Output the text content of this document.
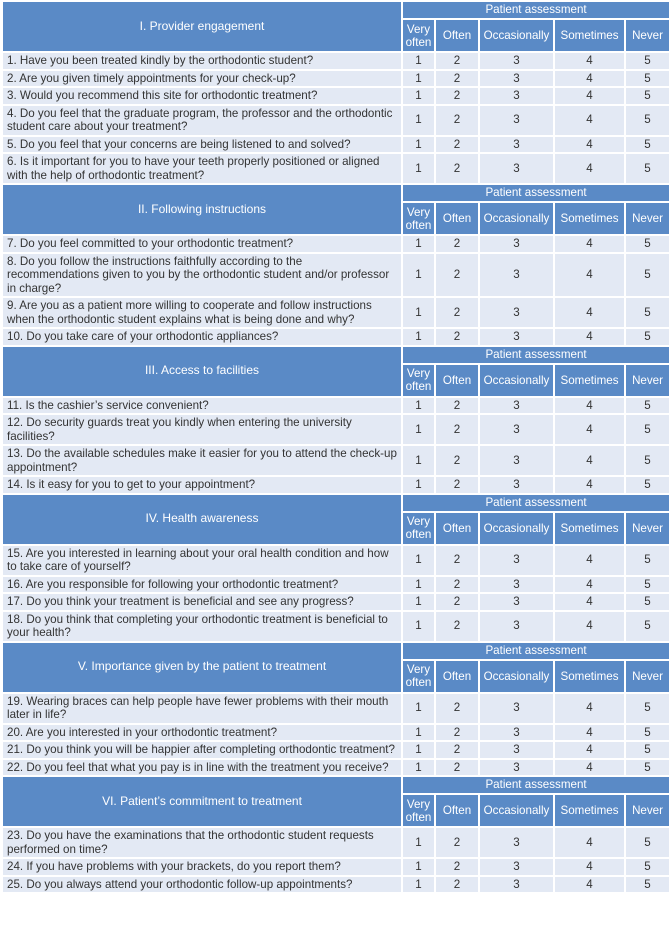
I. Provider engagement	Patient assessment				
	Very often	Often	Occasionally	Sometimes	Never
1. Have you been treated kindly by the orthodontic student?	1	2	3	4	5
2. Are you given timely appointments for your check-up?	1	2	3	4	5
3. Would you recommend this site for orthodontic treatment?	1	2	3	4	5
4. Do you feel that the graduate program, the professor and the orthodontic student care about your treatment?	1	2	3	4	5
5. Do you feel that your concerns are being listened to and solved?	1	2	3	4	5
6. Is it important for you to have your teeth properly positioned or aligned with the help of orthodontic treatment?	1	2	3	4	5
II. Following instructions	Patient assessment				
	Very often	Often	Occasionally	Sometimes	Never
7. Do you feel committed to your orthodontic treatment?	1	2	3	4	5
8. Do you follow the instructions faithfully according to the recommendations given to you by the orthodontic student and/or professor in charge?	1	2	3	4	5
9. Are you as a patient more willing to cooperate and follow instructions when the orthodontic student explains what is being done and why?	1	2	3	4	5
10. Do you take care of your orthodontic appliances?	1	2	3	4	5
III. Access to facilities	Patient assessment				
	Very often	Often	Occasionally	Sometimes	Never
11. Is the cashier’s service convenient?	1	2	3	4	5
12. Do security guards treat you kindly when entering the university facilities?	1	2	3	4	5
13. Do the available schedules make it easier for you to attend the check-up appointment?	1	2	3	4	5
14. Is it easy for you to get to your appointment?	1	2	3	4	5
IV. Health awareness	Patient assessment				
	Very often	Often	Occasionally	Sometimes	Never
15. Are you interested in learning about your oral health condition and how to take care of yourself?	1	2	3	4	5
16. Are you responsible for following your orthodontic treatment?	1	2	3	4	5
17. Do you think your treatment is beneficial and see any progress?	1	2	3	4	5
18. Do you think that completing your orthodontic treatment is beneficial to your health?	1	2	3	4	5
V. Importance given by the patient to treatment	Patient assessment				
	Very often	Often	Occasionally	Sometimes	Never
19. Wearing braces can help people have fewer problems with their mouth later in life?	1	2	3	4	5
20. Are you interested in your orthodontic treatment?	1	2	3	4	5
21. Do you think you will be happier after completing orthodontic treatment?	1	2	3	4	5
22. Do you feel that what you pay is in line with the treatment you receive?	1	2	3	4	5
VI. Patient’s commitment to treatment	Patient assessment				
	Very often	Often	Occasionally	Sometimes	Never
23. Do you have the examinations that the orthodontic student requests performed on time?	1	2	3	4	5
24. If you have problems with your brackets, do you report them?	1	2	3	4	5
25. Do you always attend your orthodontic follow-up appointments?	1	2	3	4	5
